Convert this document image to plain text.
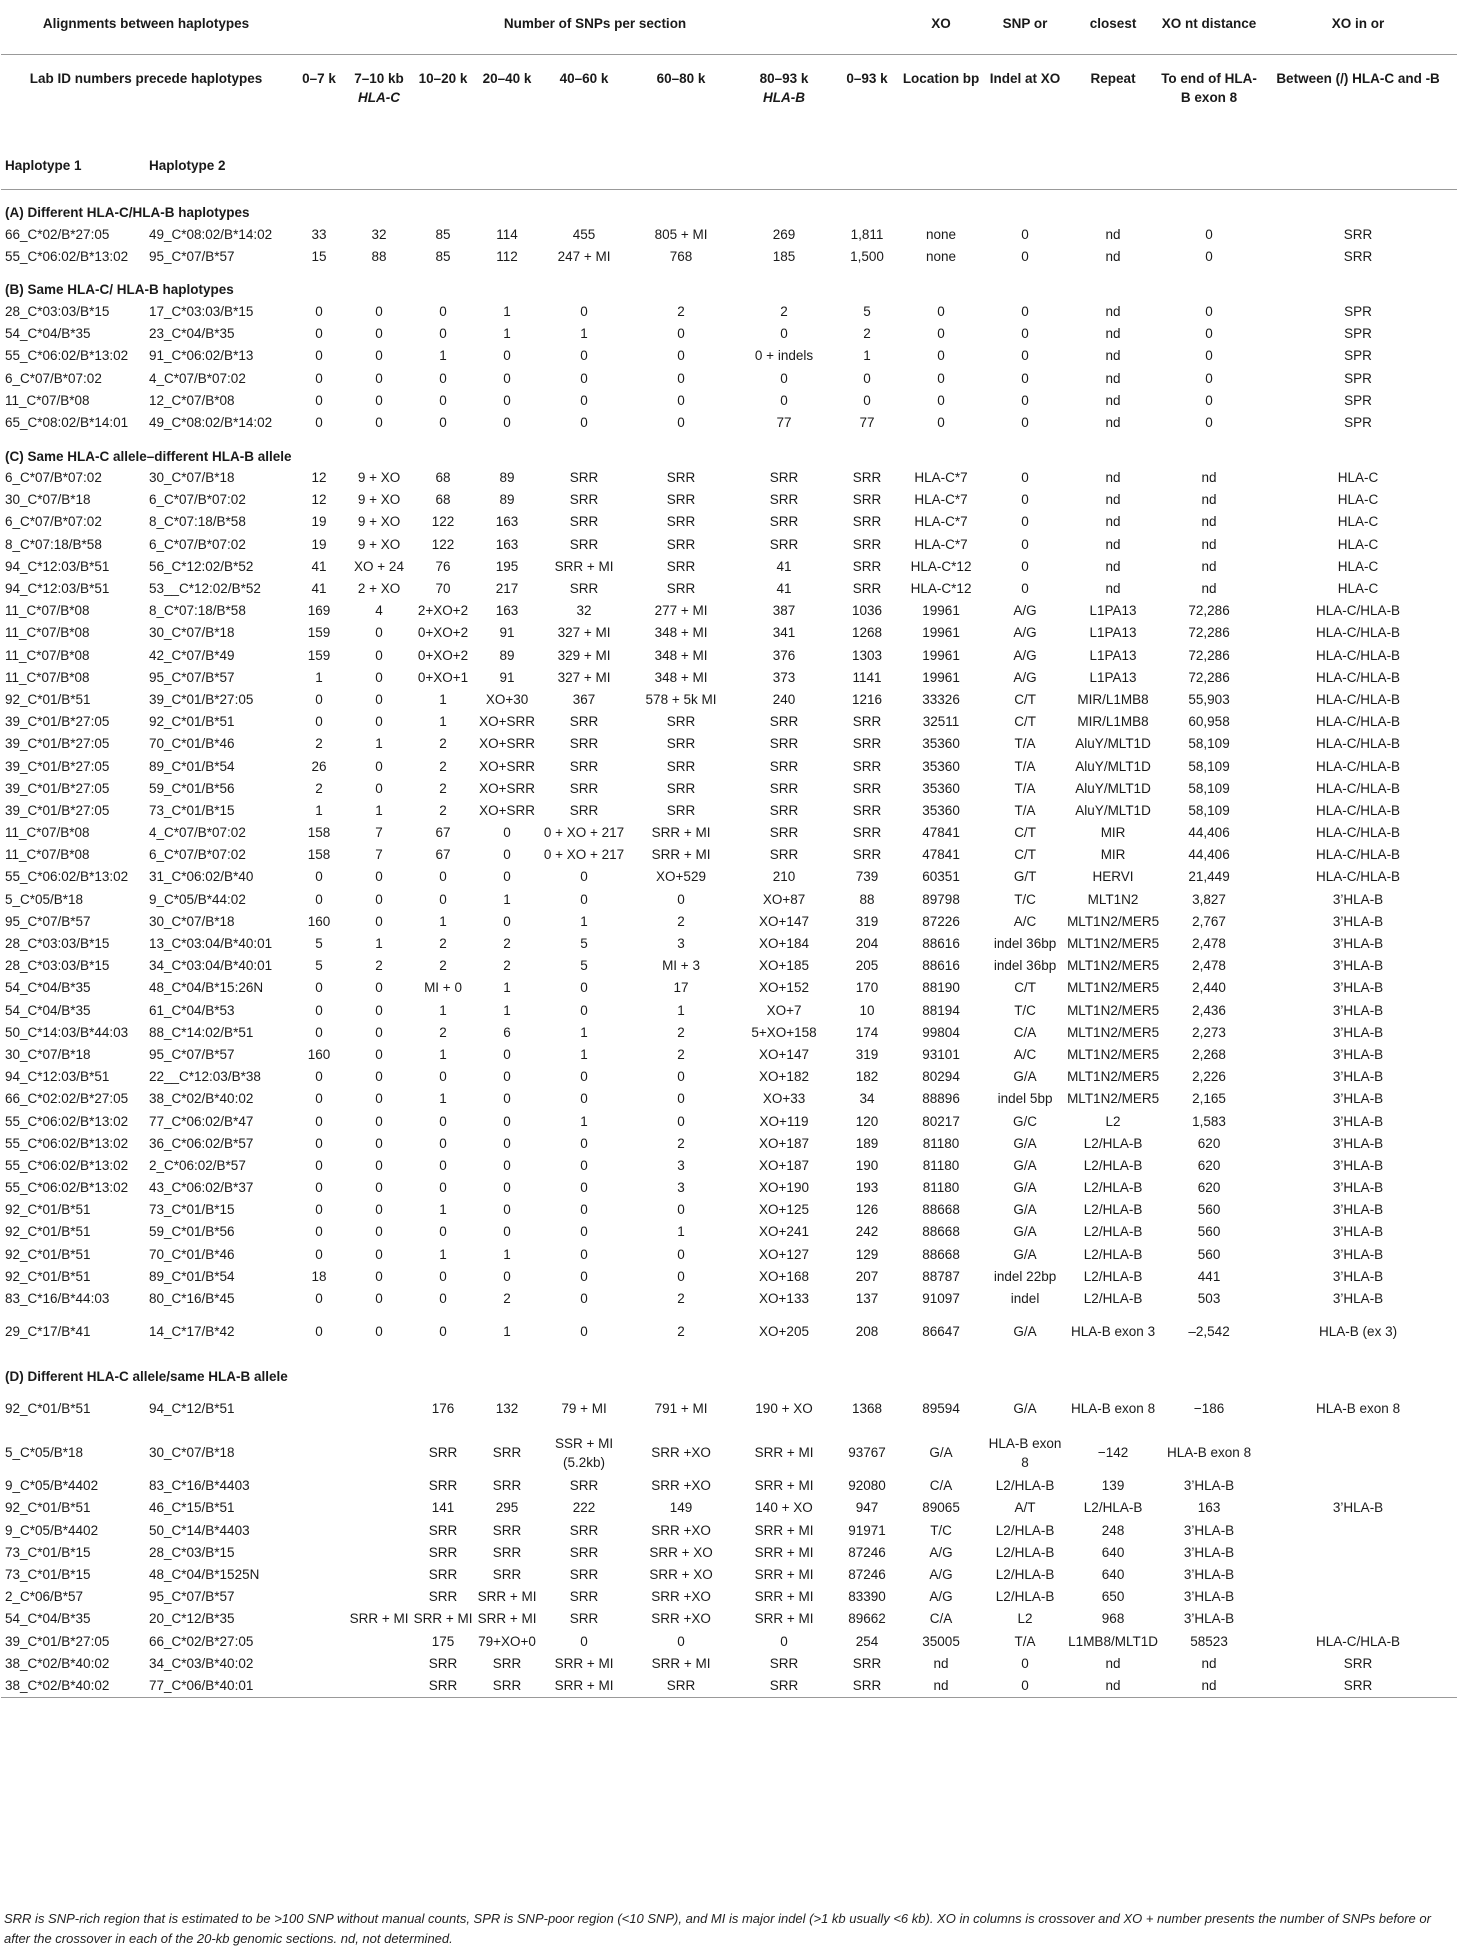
Alignments between haplotypes		Number of SNPs per section								XO	SNP or	closest	XO nt distance	XO in or
Lab ID numbers precede haplotypes		0–7 k	7–10 kb
HLA-C	10–20 k	20–40 k	40–60 k	60–80 k	80–93 k
HLA-B	0–93 k	Location bp	Indel at XO	Repeat	To end of HLA-B exon 8	Between (/) HLA-C and -B
Haplotype 1	Haplotype 2													
(A) Different HLA-C/HLA-B haplotypes														
66_C*02/B*27:05	49_C*08:02/B*14:02	33	32	85	114	455	805 + MI	269	1,811	none	0	nd	0	SRR
55_C*06:02/B*13:02	95_C*07/B*57	15	88	85	112	247 + MI	768	185	1,500	none	0	nd	0	SRR
(B) Same HLA-C/ HLA-B haplotypes														
28_C*03:03/B*15	17_C*03:03/B*15	0	0	0	1	0	2	2	5	0	0	nd	0	SPR
54_C*04/B*35	23_C*04/B*35	0	0	0	1	1	0	0	2	0	0	nd	0	SPR
55_C*06:02/B*13:02	91_C*06:02/B*13	0	0	1	0	0	0	0 + indels	1	0	0	nd	0	SPR
6_C*07/B*07:02	4_C*07/B*07:02	0	0	0	0	0	0	0	0	0	0	nd	0	SPR
11_C*07/B*08	12_C*07/B*08	0	0	0	0	0	0	0	0	0	0	nd	0	SPR
65_C*08:02/B*14:01	49_C*08:02/B*14:02	0	0	0	0	0	0	77	77	0	0	nd	0	SPR
(C) Same HLA-C allele–different HLA-B allele														
6_C*07/B*07:02	30_C*07/B*18	12	9 + XO	68	89	SRR	SRR	SRR	SRR	HLA-C*7	0	nd	nd	HLA-C
30_C*07/B*18	6_C*07/B*07:02	12	9 + XO	68	89	SRR	SRR	SRR	SRR	HLA-C*7	0	nd	nd	HLA-C
6_C*07/B*07:02	8_C*07:18/B*58	19	9 + XO	122	163	SRR	SRR	SRR	SRR	HLA-C*7	0	nd	nd	HLA-C
8_C*07:18/B*58	6_C*07/B*07:02	19	9 + XO	122	163	SRR	SRR	SRR	SRR	HLA-C*7	0	nd	nd	HLA-C
94_C*12:03/B*51	56_C*12:02/B*52	41	XO + 24	76	195	SRR + MI	SRR	41	SRR	HLA-C*12	0	nd	nd	HLA-C
94_C*12:03/B*51	53__C*12:02/B*52	41	2 + XO	70	217	SRR	SRR	41	SRR	HLA-C*12	0	nd	nd	HLA-C
11_C*07/B*08	8_C*07:18/B*58	169	4	2+XO+2	163	32	277 + MI	387	1036	19961	A/G	L1PA13	72,286	HLA-C/HLA-B
11_C*07/B*08	30_C*07/B*18	159	0	0+XO+2	91	327 + MI	348 + MI	341	1268	19961	A/G	L1PA13	72,286	HLA-C/HLA-B
11_C*07/B*08	42_C*07/B*49	159	0	0+XO+2	89	329 + MI	348 + MI	376	1303	19961	A/G	L1PA13	72,286	HLA-C/HLA-B
11_C*07/B*08	95_C*07/B*57	1	0	0+XO+1	91	327 + MI	348 + MI	373	1141	19961	A/G	L1PA13	72,286	HLA-C/HLA-B
92_C*01/B*51	39_C*01/B*27:05	0	0	1	XO+30	367	578 + 5k MI	240	1216	33326	C/T	MIR/L1MB8	55,903	HLA-C/HLA-B
39_C*01/B*27:05	92_C*01/B*51	0	0	1	XO+SRR	SRR	SRR	SRR	SRR	32511	C/T	MIR/L1MB8	60,958	HLA-C/HLA-B
39_C*01/B*27:05	70_C*01/B*46	2	1	2	XO+SRR	SRR	SRR	SRR	SRR	35360	T/A	AluY/MLT1D	58,109	HLA-C/HLA-B
39_C*01/B*27:05	89_C*01/B*54	26	0	2	XO+SRR	SRR	SRR	SRR	SRR	35360	T/A	AluY/MLT1D	58,109	HLA-C/HLA-B
39_C*01/B*27:05	59_C*01/B*56	2	0	2	XO+SRR	SRR	SRR	SRR	SRR	35360	T/A	AluY/MLT1D	58,109	HLA-C/HLA-B
39_C*01/B*27:05	73_C*01/B*15	1	1	2	XO+SRR	SRR	SRR	SRR	SRR	35360	T/A	AluY/MLT1D	58,109	HLA-C/HLA-B
11_C*07/B*08	4_C*07/B*07:02	158	7	67	0	0 + XO + 217	SRR + MI	SRR	SRR	47841	C/T	MIR	44,406	HLA-C/HLA-B
11_C*07/B*08	6_C*07/B*07:02	158	7	67	0	0 + XO + 217	SRR + MI	SRR	SRR	47841	C/T	MIR	44,406	HLA-C/HLA-B
55_C*06:02/B*13:02	31_C*06:02/B*40	0	0	0	0	0	XO+529	210	739	60351	G/T	HERVI	21,449	HLA-C/HLA-B
5_C*05/B*18	9_C*05/B*44:02	0	0	0	1	0	0	XO+87	88	89798	T/C	MLT1N2	3,827	3’HLA-B
95_C*07/B*57	30_C*07/B*18	160	0	1	0	1	2	XO+147	319	87226	A/C	MLT1N2/MER5	2,767	3’HLA-B
28_C*03:03/B*15	13_C*03:04/B*40:01	5	1	2	2	5	3	XO+184	204	88616	indel 36bp	MLT1N2/MER5	2,478	3’HLA-B
28_C*03:03/B*15	34_C*03:04/B*40:01	5	2	2	2	5	MI + 3	XO+185	205	88616	indel 36bp	MLT1N2/MER5	2,478	3’HLA-B
54_C*04/B*35	48_C*04/B*15:26N	0	0	MI + 0	1	0	17	XO+152	170	88190	C/T	MLT1N2/MER5	2,440	3’HLA-B
54_C*04/B*35	61_C*04/B*53	0	0	1	1	0	1	XO+7	10	88194	T/C	MLT1N2/MER5	2,436	3’HLA-B
50_C*14:03/B*44:03	88_C*14:02/B*51	0	0	2	6	1	2	5+XO+158	174	99804	C/A	MLT1N2/MER5	2,273	3’HLA-B
30_C*07/B*18	95_C*07/B*57	160	0	1	0	1	2	XO+147	319	93101	A/C	MLT1N2/MER5	2,268	3’HLA-B
94_C*12:03/B*51	22__C*12:03/B*38	0	0	0	0	0	0	XO+182	182	80294	G/A	MLT1N2/MER5	2,226	3’HLA-B
66_C*02:02/B*27:05	38_C*02/B*40:02	0	0	1	0	0	0	XO+33	34	88896	indel 5bp	MLT1N2/MER5	2,165	3’HLA-B
55_C*06:02/B*13:02	77_C*06:02/B*47	0	0	0	0	1	0	XO+119	120	80217	G/C	L2	1,583	3’HLA-B
55_C*06:02/B*13:02	36_C*06:02/B*57	0	0	0	0	0	2	XO+187	189	81180	G/A	L2/HLA-B	620	3’HLA-B
55_C*06:02/B*13:02	2_C*06:02/B*57	0	0	0	0	0	3	XO+187	190	81180	G/A	L2/HLA-B	620	3’HLA-B
55_C*06:02/B*13:02	43_C*06:02/B*37	0	0	0	0	0	3	XO+190	193	81180	G/A	L2/HLA-B	620	3’HLA-B
92_C*01/B*51	73_C*01/B*15	0	0	1	0	0	0	XO+125	126	88668	G/A	L2/HLA-B	560	3’HLA-B
92_C*01/B*51	59_C*01/B*56	0	0	0	0	0	1	XO+241	242	88668	G/A	L2/HLA-B	560	3’HLA-B
92_C*01/B*51	70_C*01/B*46	0	0	1	1	0	0	XO+127	129	88668	G/A	L2/HLA-B	560	3’HLA-B
92_C*01/B*51	89_C*01/B*54	18	0	0	0	0	0	XO+168	207	88787	indel 22bp	L2/HLA-B	441	3’HLA-B
83_C*16/B*44:03	80_C*16/B*45	0	0	0	2	0	2	XO+133	137	91097	indel	L2/HLA-B	503	3’HLA-B
29_C*17/B*41	14_C*17/B*42	0	0	0	1	0	2	XO+205	208	86647	G/A	HLA-B exon 3	–2,542	HLA-B (ex 3)
(D) Different HLA-C allele/same HLA-B allele														
92_C*01/B*51	94_C*12/B*51			176	132	79 + MI	791 + MI	190 + XO	1368	89594	G/A	HLA-B exon 8	−186	HLA-B exon 8
5_C*05/B*18	30_C*07/B*18			SRR	SRR	SSR + MI (5.2kb)	SRR +XO	SRR + MI	93767	G/A	HLA-B exon 8	−142	HLA-B exon 8	
9_C*05/B*4402	83_C*16/B*4403			SRR	SRR	SRR	SRR +XO	SRR + MI	92080	C/A	L2/HLA-B	139	3’HLA-B	
92_C*01/B*51	46_C*15/B*51			141	295	222	149	140 + XO	947	89065	A/T	L2/HLA-B	163	3’HLA-B
9_C*05/B*4402	50_C*14/B*4403			SRR	SRR	SRR	SRR +XO	SRR + MI	91971	T/C	L2/HLA-B	248	3’HLA-B	
73_C*01/B*15	28_C*03/B*15			SRR	SRR	SRR	SRR + XO	SRR + MI	87246	A/G	L2/HLA-B	640	3’HLA-B	
73_C*01/B*15	48_C*04/B*1525N			SRR	SRR	SRR	SRR + XO	SRR + MI	87246	A/G	L2/HLA-B	640	3’HLA-B	
2_C*06/B*57	95_C*07/B*57			SRR	SRR + MI	SRR	SRR +XO	SRR + MI	83390	A/G	L2/HLA-B	650	3’HLA-B	
54_C*04/B*35	20_C*12/B*35		SRR + MI	SRR + MI	SRR + MI	SRR	SRR +XO	SRR + MI	89662	C/A	L2	968	3’HLA-B	
39_C*01/B*27:05	66_C*02/B*27:05			175	79+XO+0	0	0	0	254	35005	T/A	L1MB8/MLT1D	58523	HLA-C/HLA-B
38_C*02/B*40:02	34_C*03/B*40:02			SRR	SRR	SRR + MI	SRR + MI	SRR	SRR	nd	0	nd	nd	SRR
38_C*02/B*40:02	77_C*06/B*40:01			SRR	SRR	SRR + MI	SRR	SRR	SRR	nd	0	nd	nd	SRR
SRR is SNP-rich region that is estimated to be >100 SNP without manual counts, SPR is SNP-poor region (<10 SNP), and MI is major indel (>1 kb usually <6 kb). XO in columns is crossover and XO + number presents the number of SNPs before or after the crossover in each of the 20-kb genomic sections. nd, not determined.
